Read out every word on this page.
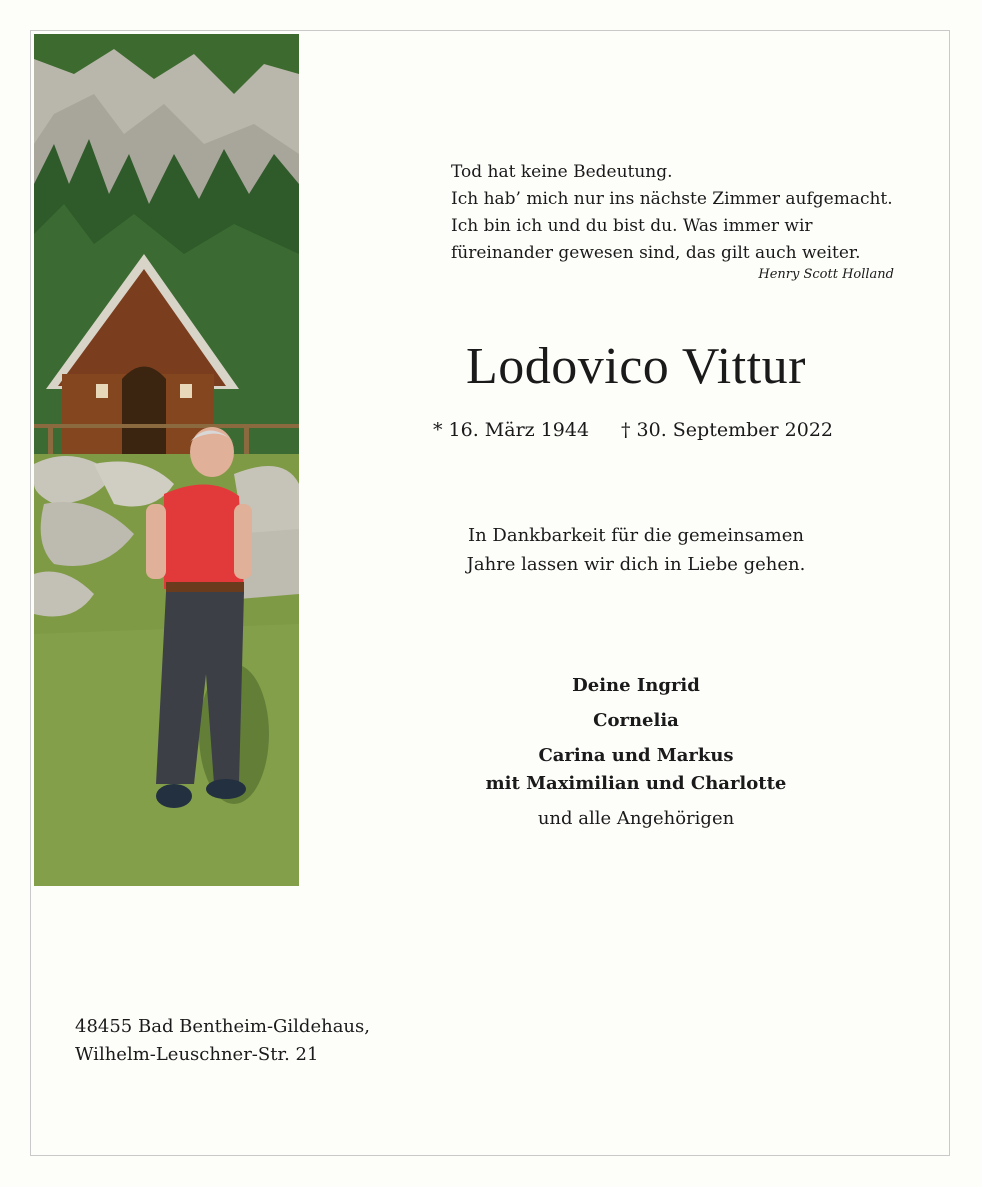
Tod hat keine Bedeutung.
Ich hab’ mich nur ins nächste Zimmer aufgemacht.
Ich bin ich und du bist du. Was immer wir
füreinander gewesen sind, das gilt auch weiter.
Henry Scott Holland
Lodovico Vittur
* 16. März 1944 † 30. September 2022
In Dankbarkeit für die gemeinsamen
Jahre lassen wir dich in Liebe gehen.
Deine Ingrid
Cornelia
Carina und Markus
mit Maximilian und Charlotte
und alle Angehörigen
48455 Bad Bentheim-Gildehaus,
Wilhelm-Leuschner-Str. 21
